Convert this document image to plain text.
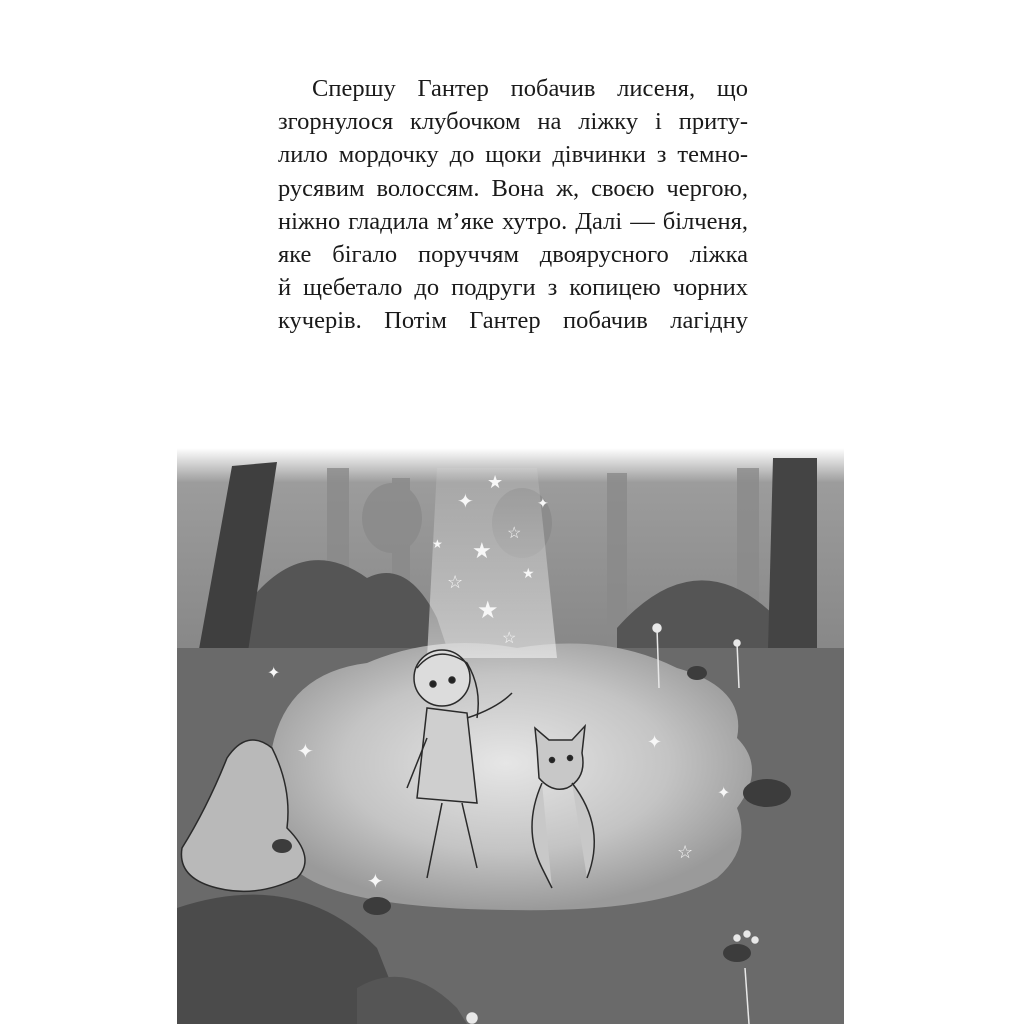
Спершу Гантер побачив лисеня, що
згорнулося клубочком на ліжку і приту-
лило мордочку до щоки дівчинки з темно-
русявим волоссям. Вона ж, своєю чергою,
ніжно гладила м’яке хутро. Далі — білченя,
яке бігало поруччям двоярусного ліжка
й щебетало до подруги з копицею чорних
кучерів. Потім Гантер побачив лагідну
✦
★
☆
★
☆	★
★
☆
✦
★
✦
✦	✦
✦
✦
☆
